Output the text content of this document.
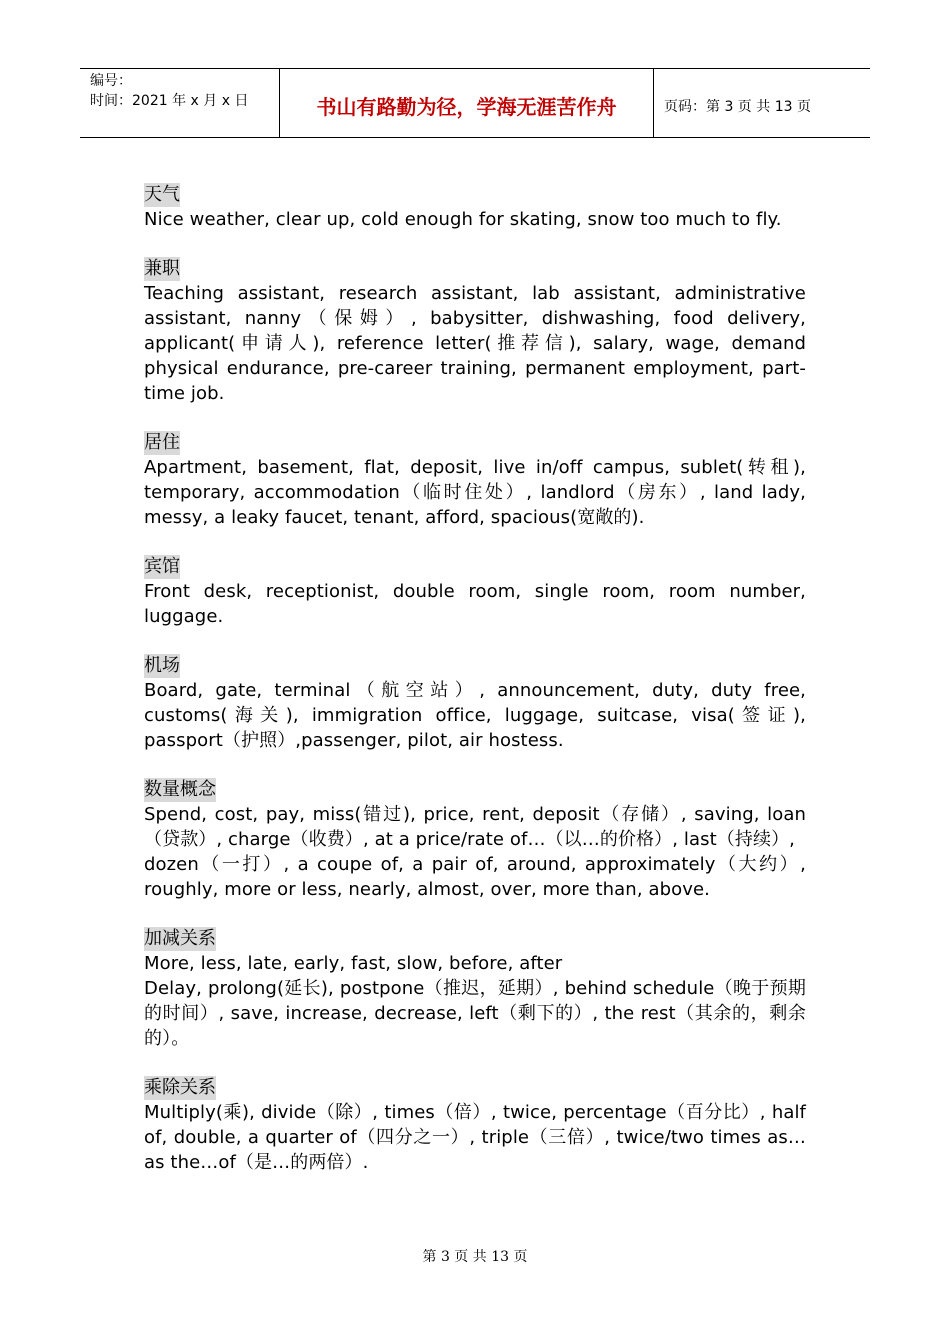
编号：
时间：2021 年 x 月 x 日	书山有路勤为径，学海无涯苦作舟	页码：第 3 页 共 13 页
天气
Nice weather, clear up, cold enough for skating, snow too much to fly.
兼职
Teaching assistant, research assistant, lab assistant, administrative assistant, nanny（保姆）, babysitter, dishwashing, food delivery, applicant(申请人), reference letter(推荐信), salary, wage, demand physical endurance, pre-career training, permanent employment, part-time job.
居住
Apartment, basement, flat, deposit, live in/off campus, sublet(转租), temporary, accommodation（临时住处）, landlord（房东）, land lady, messy, a leaky faucet, tenant, afford, spacious(宽敞的).
宾馆
Front desk, receptionist, double room, single room, room number, luggage.
机场
Board, gate, terminal（航空站）, announcement, duty, duty free, customs(海关), immigration office, luggage, suitcase, visa(签证), passport（护照）,passenger, pilot, air hostess.
数量概念
Spend, cost, pay, miss(错过), price, rent, deposit（存储）, saving, loan（贷款）, charge（收费）, at a price/rate of…（以…的价格）, last（持续）,
dozen（一打）, a coupe of, a pair of, around, approximately（大约）, roughly, more or less, nearly, almost, over, more than, above.
加减关系
More, less, late, early, fast, slow, before, after
Delay, prolong(延长), postpone（推迟，延期）, behind schedule（晚于预期的时间）, save, increase, decrease, left（剩下的）, the rest（其余的，剩余的）。
乘除关系
Multiply(乘), divide（除）, times（倍）, twice, percentage（百分比）, half of, double, a quarter of（四分之一）, triple（三倍）, twice/two times as…as the…of（是…的两倍）.
第 3 页 共 13 页
